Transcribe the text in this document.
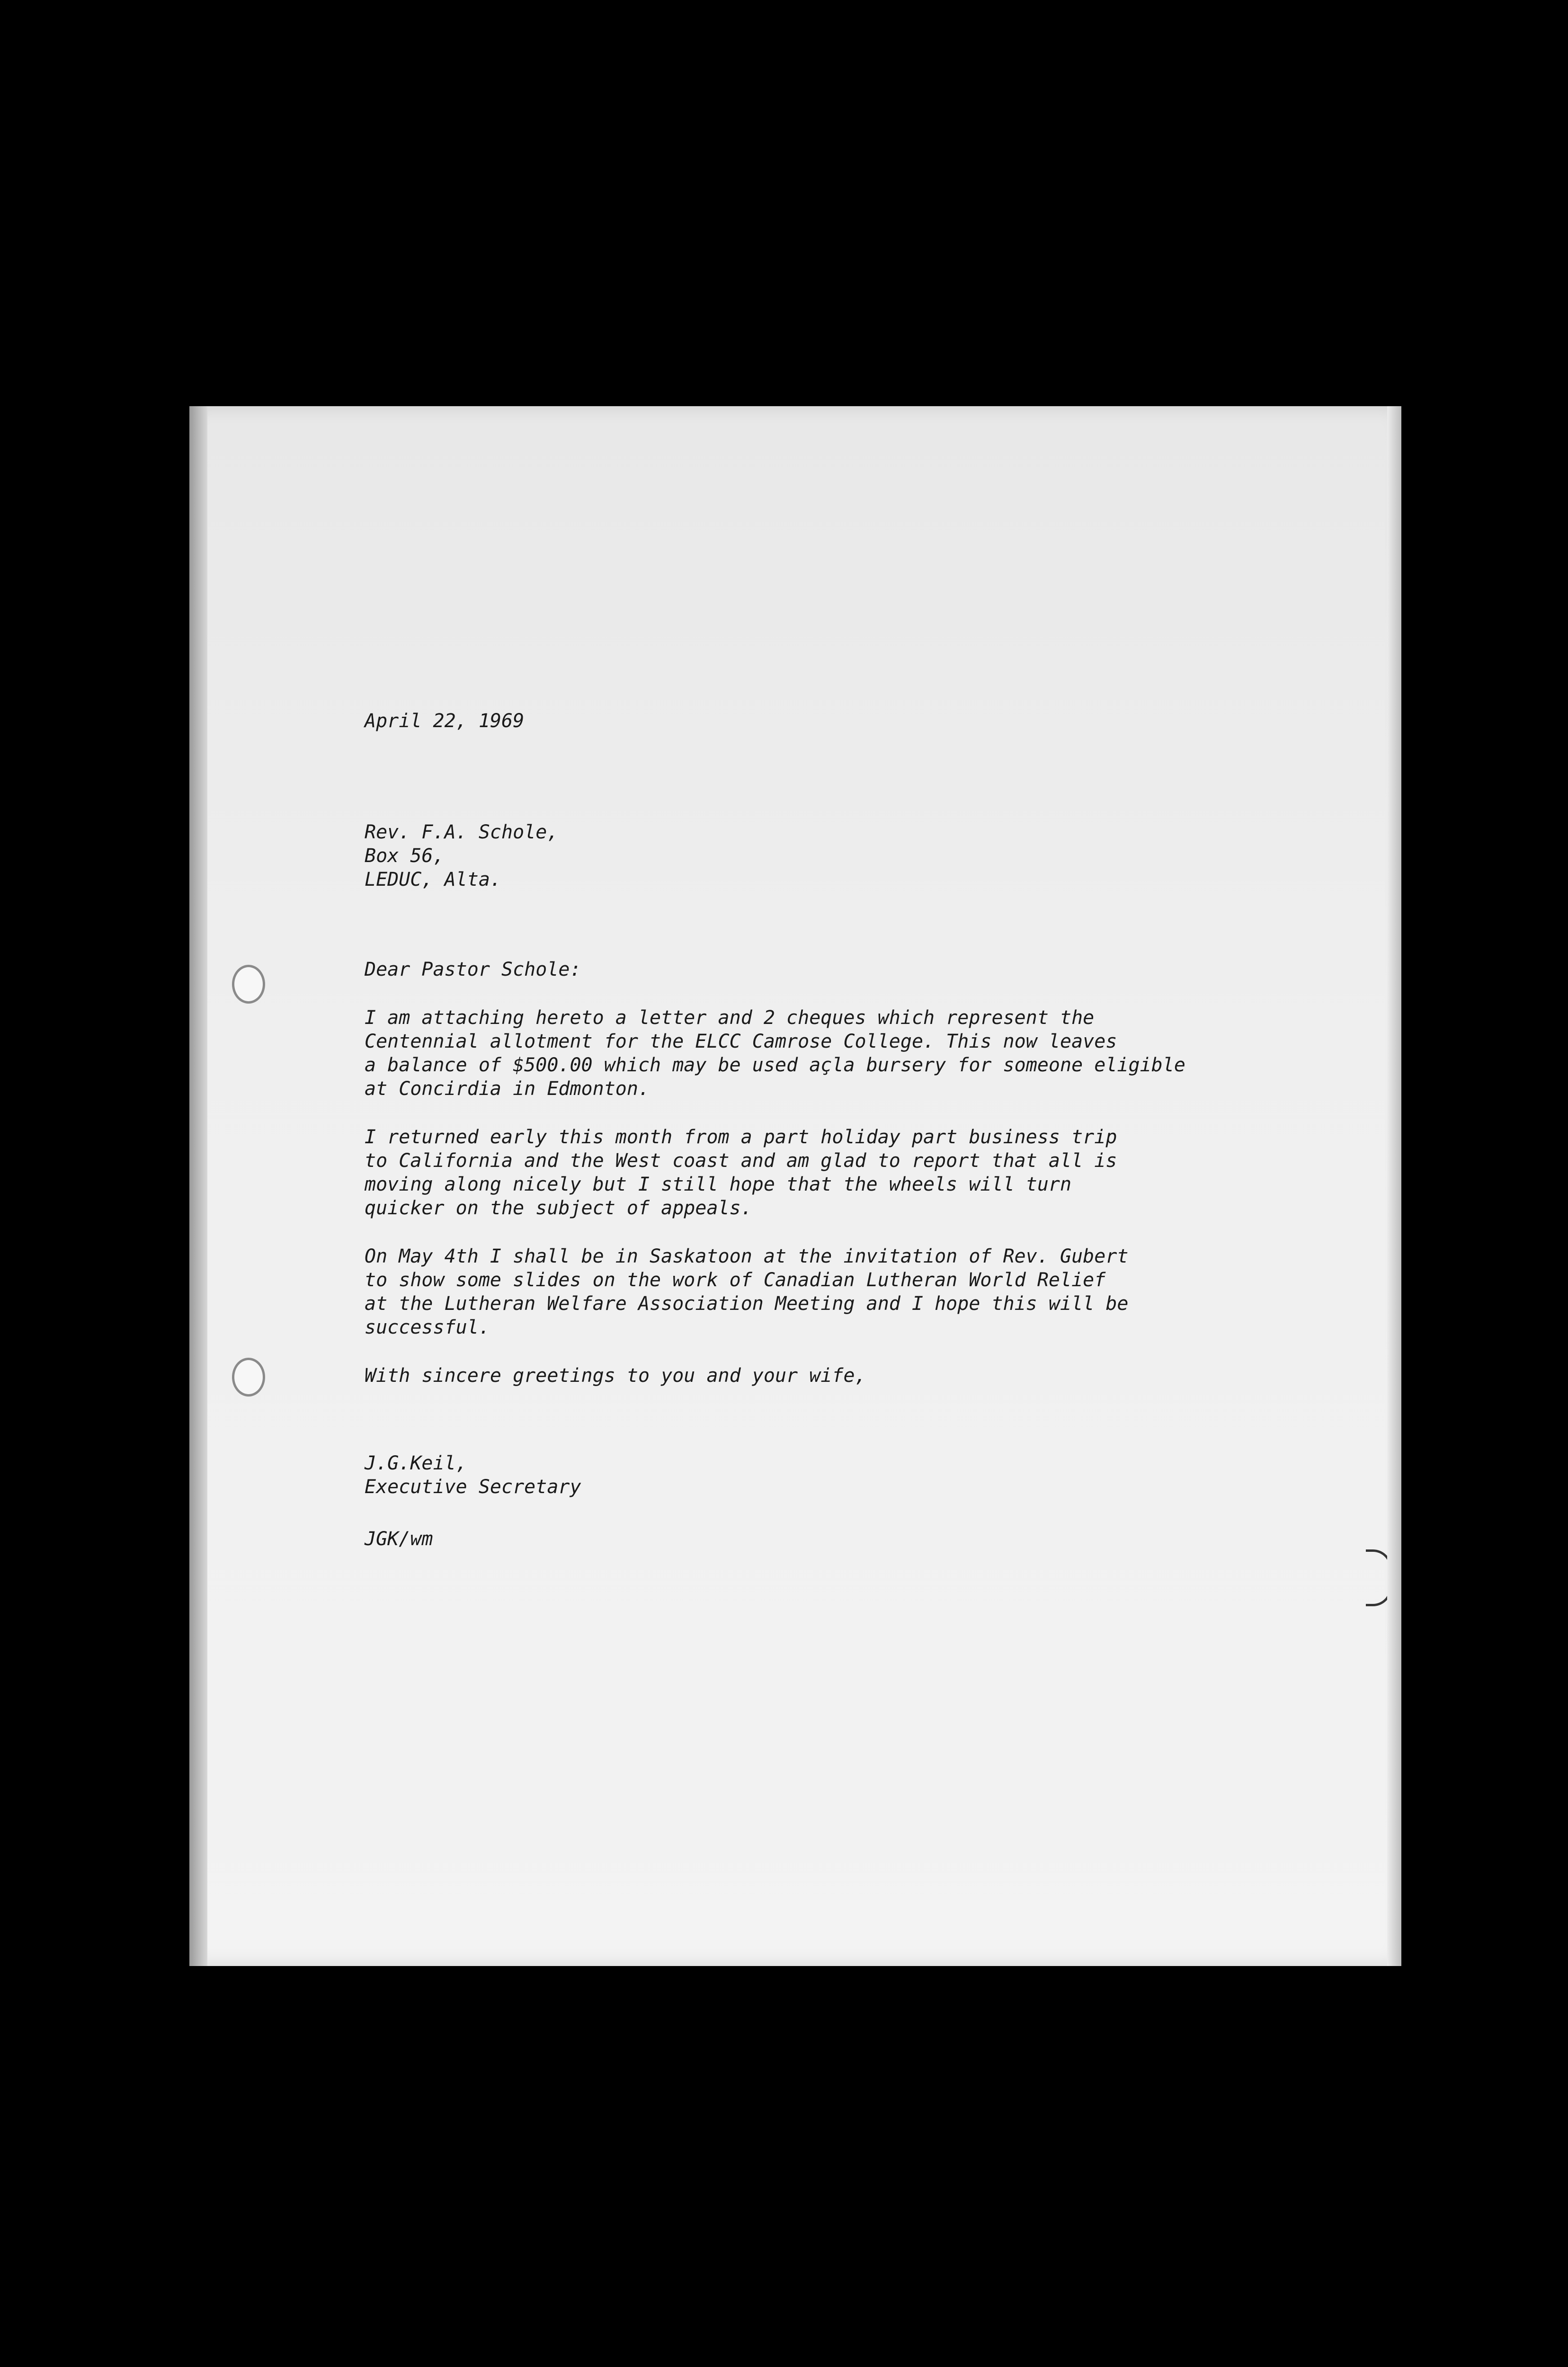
April 22, 1969
Rev. F.A. Schole,
Box 56,
LEDUC, Alta.
Dear Pastor Schole:
I am attaching hereto a letter and 2 cheques which represent the
Centennial allotment for the ELCC Camrose College. This now leaves
a balance of $500.00 which may be used açla bursery for someone eligible
at Concirdia in Edmonton.
I returned early this month from a part holiday part business trip
to California and the West coast and am glad to report that all is
moving along nicely but I still hope that the wheels will turn
quicker on the subject of appeals.
On May 4th I shall be in Saskatoon at the invitation of Rev. Gubert
to show some slides on the work of Canadian Lutheran World Relief
at the Lutheran Welfare Association Meeting and I hope this will be
successful.
With sincere greetings to you and your wife,
J.G.Keil,
Executive Secretary
JGK/wm
